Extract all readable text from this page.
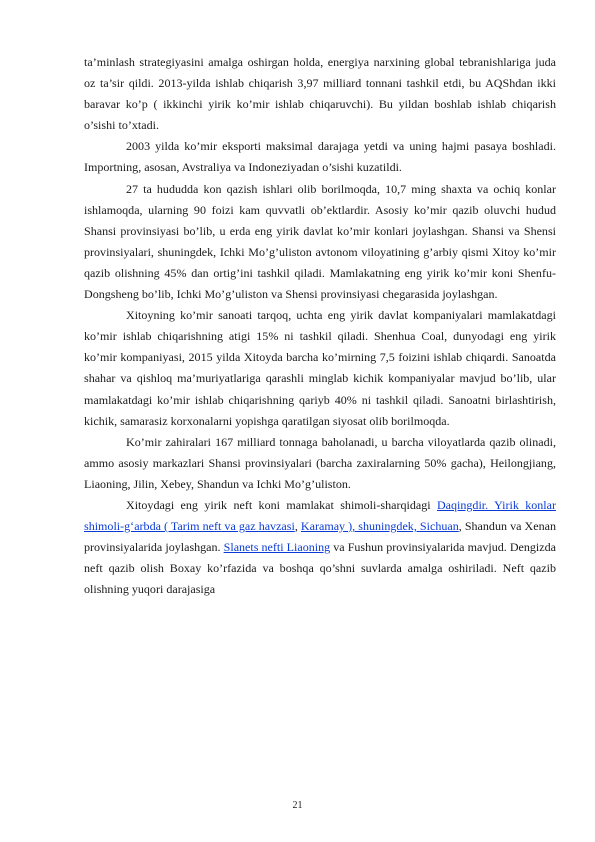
ta’minlash strategiyasini amalga oshirgan holda, energiya narxining global tebranishlariga juda oz ta’sir qildi. 2013-yilda ishlab chiqarish 3,97 milliard tonnani tashkil etdi, bu AQShdan ikki baravar ko’p ( ikkinchi yirik ko’mir ishlab chiqaruvchi). Bu yildan boshlab ishlab chiqarish o’sishi to’xtadi.

2003 yilda ko’mir eksporti maksimal darajaga yetdi va uning hajmi pasaya boshladi. Importning, asosan, Avstraliya va Indoneziyadan o’sishi kuzatildi.

27 ta hududda kon qazish ishlari olib borilmoqda, 10,7 ming shaxta va ochiq konlar ishlamoqda, ularning 90 foizi kam quvvatli ob’ektlardir. Asosiy ko’mir qazib oluvchi hudud Shansi provinsiyasi bo’lib, u erda eng yirik davlat ko’mir konlari joylashgan. Shansi va Shensi provinsiyalari, shuningdek, Ichki Mo’g’uliston avtonom viloyatining g’arbiy qismi Xitoy ko’mir qazib olishning 45% dan ortig’ini tashkil qiladi. Mamlakatning eng yirik ko’mir koni Shenfu-Dongsheng bo’lib, Ichki Mo’g’uliston va Shensi provinsiyasi chegarasida joylashgan.

Xitoyning ko’mir sanoati tarqoq, uchta eng yirik davlat kompaniyalari mamlakatdagi ko’mir ishlab chiqarishning atigi 15% ni tashkil qiladi. Shenhua Coal, dunyodagi eng yirik ko’mir kompaniyasi, 2015 yilda Xitoyda barcha ko’mirning 7,5 foizini ishlab chiqardi. Sanoatda shahar va qishloq ma’muriyatlariga qarashli minglab kichik kompaniyalar mavjud bo’lib, ular mamlakatdagi ko’mir ishlab chiqarishning qariyb 40% ni tashkil qiladi. Sanoatni birlashtirish, kichik, samarasiz korxonalarni yopishga qaratilgan siyosat olib borilmoqda.

Ko’mir zahiralari 167 milliard tonnaga baholanadi, u barcha viloyatlarda qazib olinadi, ammo asosiy markazlari Shansi provinsiyalari (barcha zaxiralarning 50% gacha), Heilongjiang, Liaoning, Jilin, Xebey, Shandun va Ichki Mo’g’uliston.

Xitoydagi eng yirik neft koni mamlakat shimoli-sharqidagi Daqingdir. Yirik konlar shimoli-g‘arbda ( Tarim neft va gaz havzasi, Karamay ), shuningdek, Sichuan, Shandun va Xenan provinsiyalarida joylashgan. Slanets nefti Liaoning va Fushun provinsiyalarida mavjud. Dengizda neft qazib olish Boxay ko’rfazida va boshqa qo’shni suvlarda amalga oshiriladi. Neft qazib olishning yuqori darajasiga

21
